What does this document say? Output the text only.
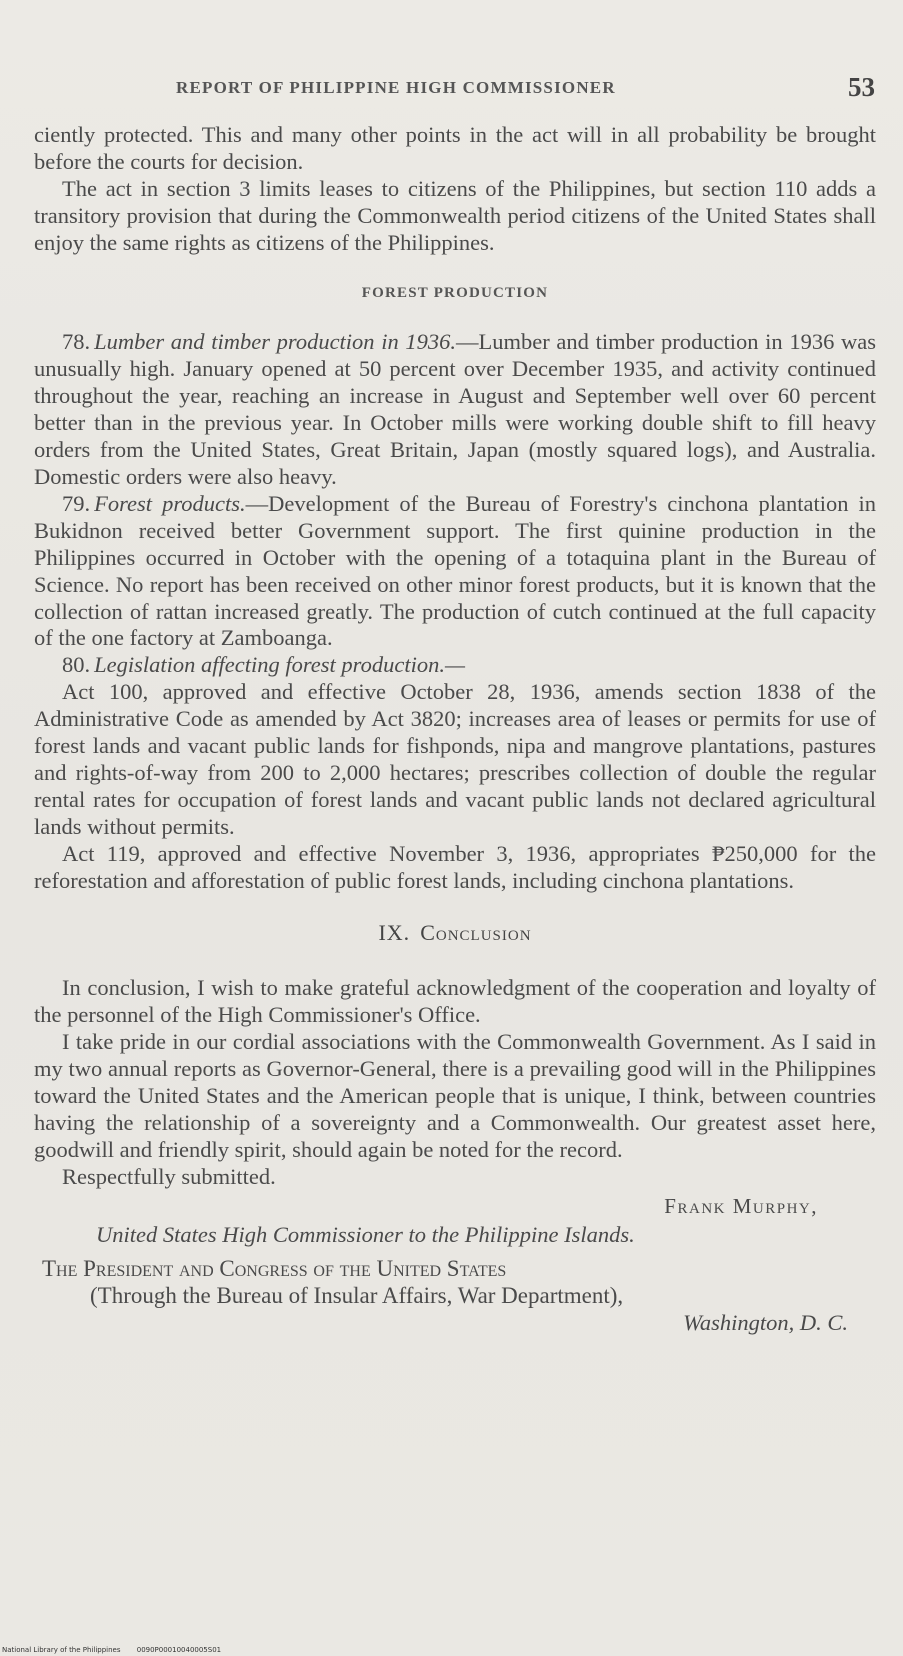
REPORT OF PHILIPPINE HIGH COMMISSIONER	53

ciently protected. This and many other points in the act will in all probability be brought before the courts for decision.

The act in section 3 limits leases to citizens of the Philippines, but section 110 adds a transitory provision that during the Commonwealth period citizens of the United States shall enjoy the same rights as citizens of the Philippines.

FOREST PRODUCTION

78. Lumber and timber production in 1936.—Lumber and timber production in 1936 was unusually high. January opened at 50 percent over December 1935, and activity continued throughout the year, reaching an increase in August and September well over 60 percent better than in the previous year. In October mills were working double shift to fill heavy orders from the United States, Great Britain, Japan (mostly squared logs), and Australia. Domestic orders were also heavy.

79. Forest products.—Development of the Bureau of Forestry's cinchona plantation in Bukidnon received better Government support. The first quinine production in the Philippines occurred in October with the opening of a totaquina plant in the Bureau of Science. No report has been received on other minor forest products, but it is known that the collection of rattan increased greatly. The production of cutch continued at the full capacity of the one factory at Zamboanga.

80. Legislation affecting forest production.—

Act 100, approved and effective October 28, 1936, amends section 1838 of the Administrative Code as amended by Act 3820; increases area of leases or permits for use of forest lands and vacant public lands for fishponds, nipa and mangrove plantations, pastures and rights-of-way from 200 to 2,000 hectares; prescribes collection of double the regular rental rates for occupation of forest lands and vacant public lands not declared agricultural lands without permits.

Act 119, approved and effective November 3, 1936, appropriates ₱250,000 for the reforestation and afforestation of public forest lands, including cinchona plantations.

IX. Conclusion

In conclusion, I wish to make grateful acknowledgment of the cooperation and loyalty of the personnel of the High Commissioner's Office.

I take pride in our cordial associations with the Commonwealth Government. As I said in my two annual reports as Governor-General, there is a prevailing good will in the Philippines toward the United States and the American people that is unique, I think, between countries having the relationship of a sovereignty and a Commonwealth. Our greatest asset here, goodwill and friendly spirit, should again be noted for the record.

Respectfully submitted.

Frank Murphy,
United States High Commissioner to the Philippine Islands.
The President and Congress of the United States
(Through the Bureau of Insular Affairs, War Department),
Washington, D. C.
National Library of the Philippines 0090P00010040005S01
